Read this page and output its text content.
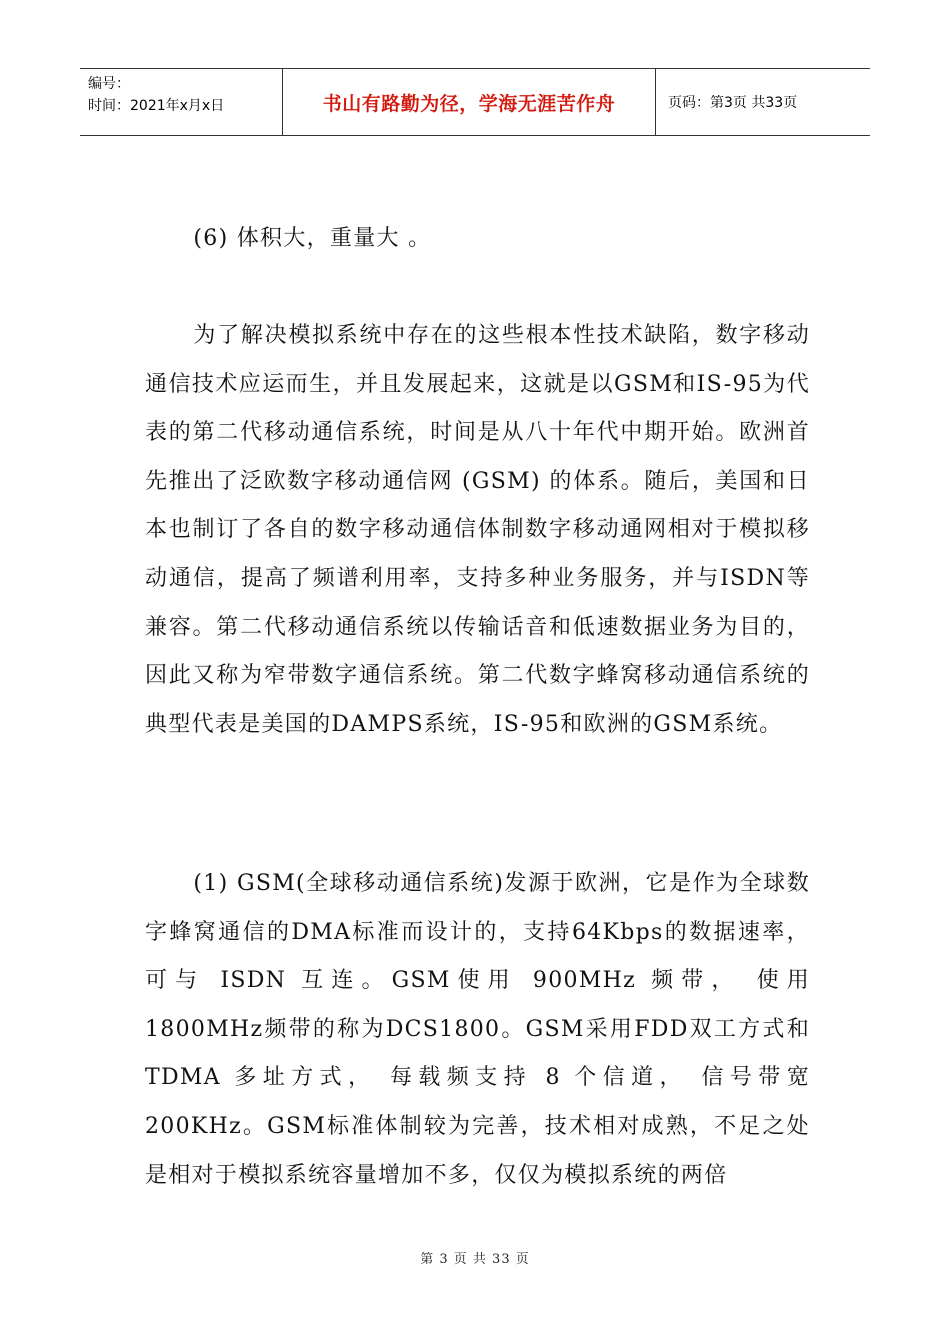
编号：
时间：2021年x月x日	书山有路勤为径，学海无涯苦作舟	页码：第3页 共33页

(6) 体积大，重量大 。

为了解决模拟系统中存在的这些根本性技术缺陷，数字移动通信技术应运而生，并且发展起来，这就是以GSM和IS-95为代表的第二代移动通信系统，时间是从八十年代中期开始。欧洲首先推出了泛欧数字移动通信网 (GSM) 的体系。随后，美国和日本也制订了各自的数字移动通信体制数字移动通网相对于模拟移动通信，提高了频谱利用率，支持多种业务服务，并与ISDN等兼容。第二代移动通信系统以传输话音和低速数据业务为目的，因此又称为窄带数字通信系统。第二代数字蜂窝移动通信系统的典型代表是美国的DAMPS系统，IS-95和欧洲的GSM系统。

(1) GSM(全球移动通信系统)发源于欧洲，它是作为全球数字蜂窝通信的DMA标准而设计的，支持64Kbps的数据速率， 可与 ISDN 互连。GSM使用 900MHz 频带， 使用1800MHz频带的称为DCS1800。GSM采用FDD双工方式和TDMA 多址方式， 每载频支持 8 个信道， 信号带宽200KHz。GSM标准体制较为完善，技术相对成熟，不足之处是相对于模拟系统容量增加不多，仅仅为模拟系统的两倍

第 3 页 共 33 页
